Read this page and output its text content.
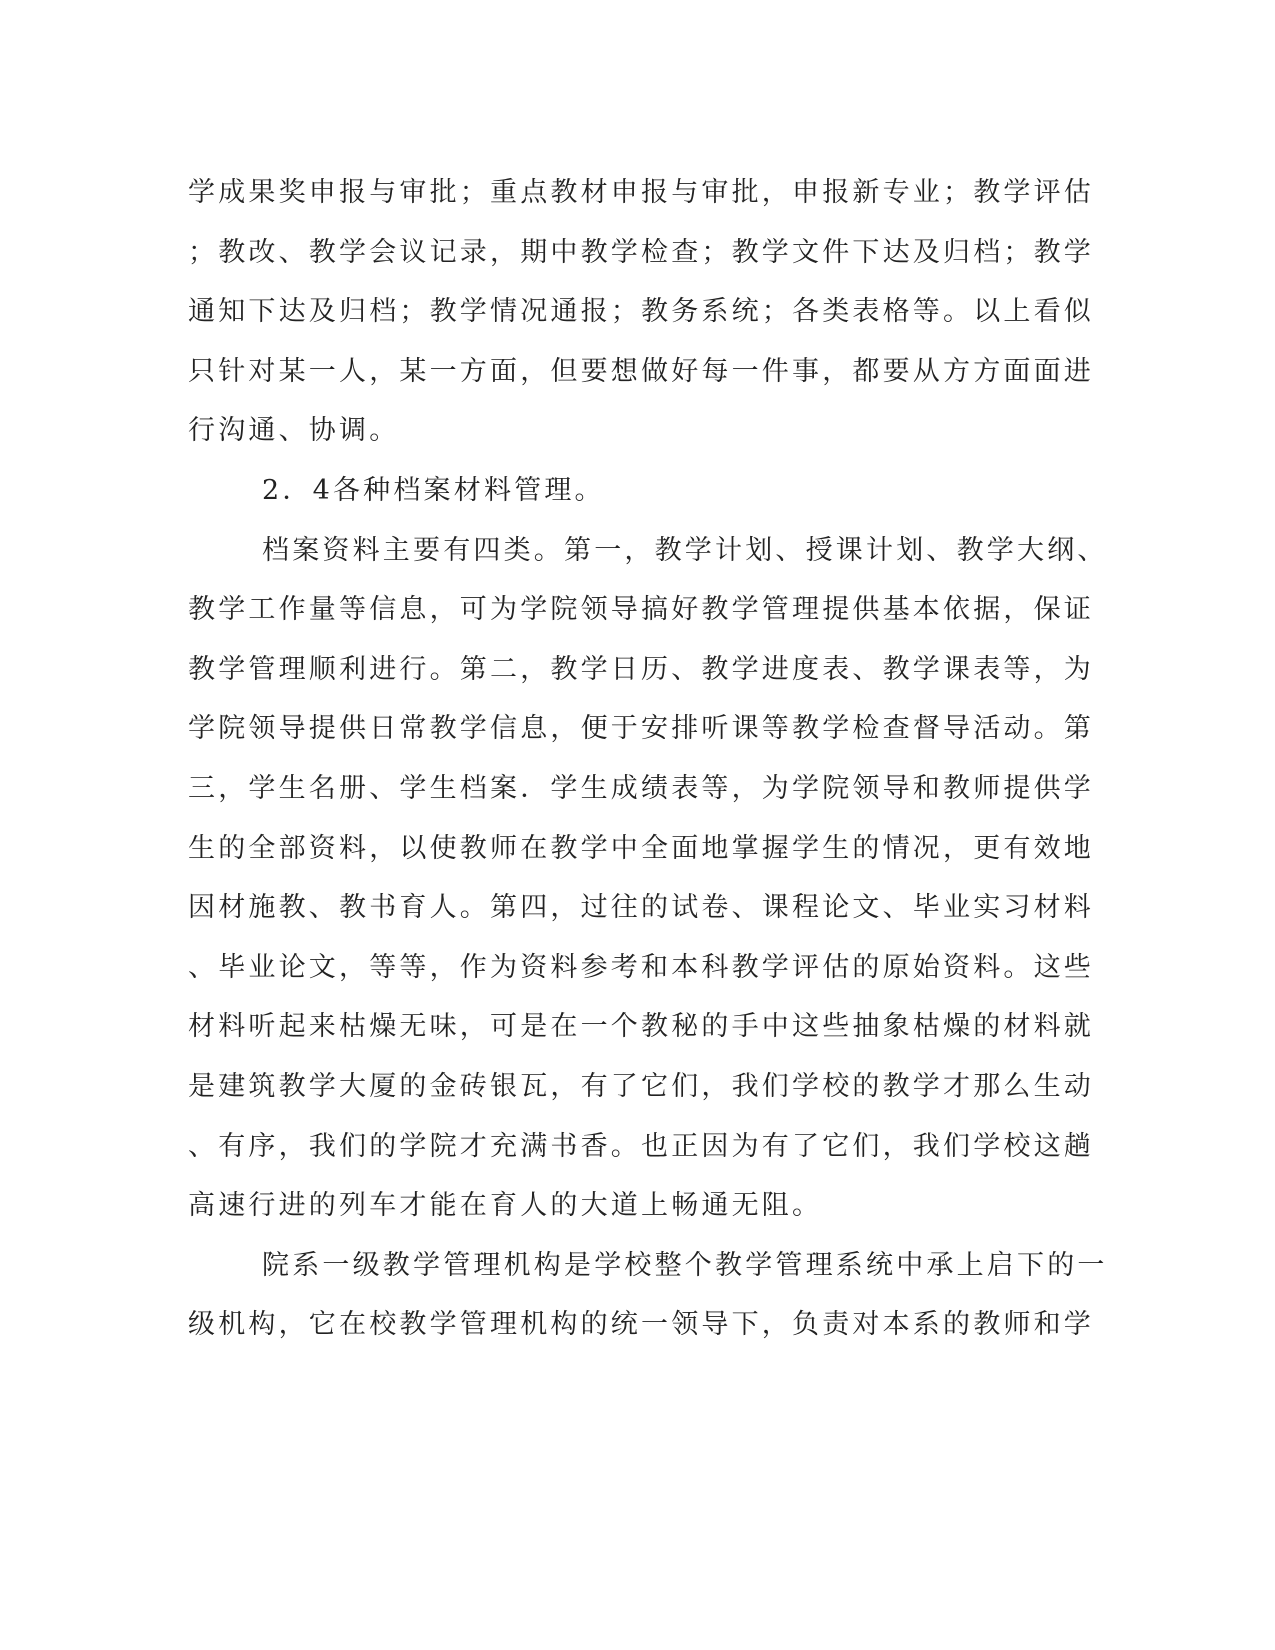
学成果奖申报与审批；重点教材申报与审批，申报新专业；教学评估
；教改、教学会议记录，期中教学检查；教学文件下达及归档；教学
通知下达及归档；教学情况通报；教务系统；各类表格等。以上看似
只针对某一人，某一方面，但要想做好每一件事，都要从方方面面进
行沟通、协调。
2．4各种档案材料管理。
档案资料主要有四类。第一，教学计划、授课计划、教学大纲、
教学工作量等信息，可为学院领导搞好教学管理提供基本依据，保证
教学管理顺利进行。第二，教学日历、教学进度表、教学课表等，为
学院领导提供日常教学信息，便于安排听课等教学检查督导活动。第
三，学生名册、学生档案．学生成绩表等，为学院领导和教师提供学
生的全部资料，以使教师在教学中全面地掌握学生的情况，更有效地
因材施教、教书育人。第四，过往的试卷、课程论文、毕业实习材料
、毕业论文，等等，作为资料参考和本科教学评估的原始资料。这些
材料听起来枯燥无味，可是在一个教秘的手中这些抽象枯燥的材料就
是建筑教学大厦的金砖银瓦，有了它们，我们学校的教学才那么生动
、有序，我们的学院才充满书香。也正因为有了它们，我们学校这趟
高速行进的列车才能在育人的大道上畅通无阻。
院系一级教学管理机构是学校整个教学管理系统中承上启下的一
级机构，它在校教学管理机构的统一领导下，负责对本系的教师和学
